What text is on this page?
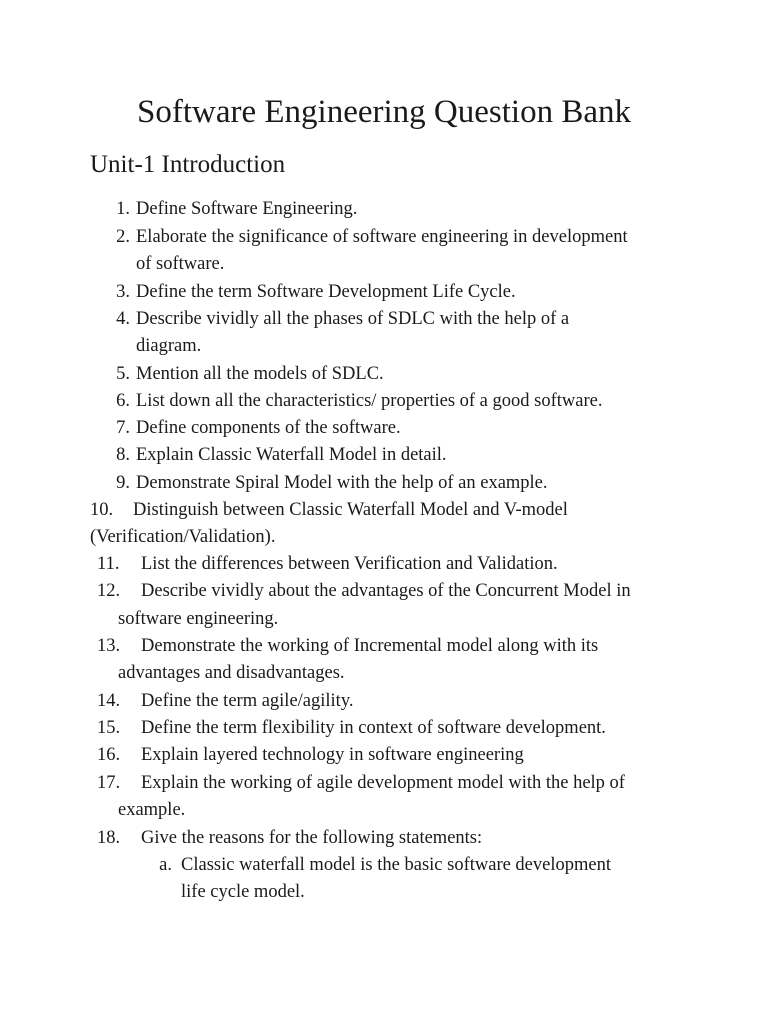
Software Engineering Question Bank
Unit-1 Introduction
1. Define Software Engineering.
2. Elaborate the significance of software engineering in development
of software.
3. Define the term Software Development Life Cycle.
4. Describe vividly all the phases of SDLC with the help of a
diagram.
5. Mention all the models of SDLC.
6. List down all the characteristics/ properties of a good software.
7. Define components of the software.
8. Explain Classic Waterfall Model in detail.
9. Demonstrate Spiral Model with the help of an example.
10.	Distinguish between Classic Waterfall Model and V-model
(Verification/Validation).
11.	List the differences between Verification and Validation.
12.	Describe vividly about the advantages of the Concurrent Model in
software engineering.
13.	Demonstrate the working of Incremental model along with its
advantages and disadvantages.
14.	Define the term agile/agility.
15.	Define the term flexibility in context of software development.
16.	Explain layered technology in software engineering
17.	Explain the working of agile development model with the help of
example.
18.	Give the reasons for the following statements:
a. Classic waterfall model is the basic software development
life cycle model.
